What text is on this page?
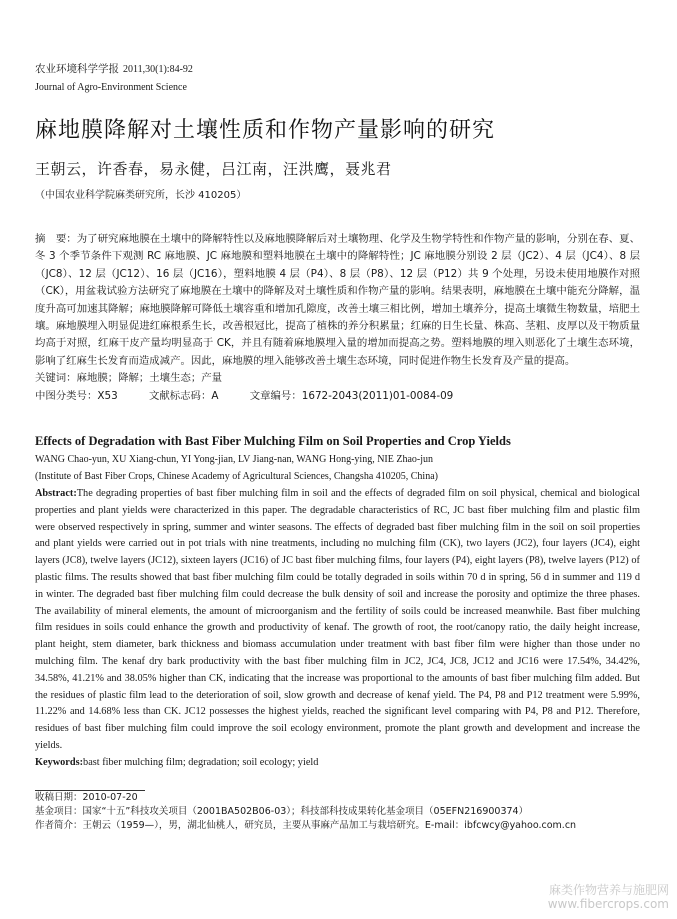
农业环境科学学报 2011,30(1):84-92
Journal of Agro-Environment Science
麻地膜降解对土壤性质和作物产量影响的研究
王朝云，许香春，易永健，吕江南，汪洪鹰，聂兆君
（中国农业科学院麻类研究所，长沙 410205）
摘　要：为了研究麻地膜在土壤中的降解特性以及麻地膜降解后对土壤物理、化学及生物学特性和作物产量的影响，分别在春、夏、冬 3 个季节条件下观测 RC 麻地膜、JC 麻地膜和塑料地膜在土壤中的降解特性；JC 麻地膜分别设 2 层（JC2）、4 层（JC4）、8 层（JC8）、12 层（JC12）、16 层（JC16），塑料地膜 4 层（P4）、8 层（P8）、12 层（P12）共 9 个处理，另设未使用地膜作对照（CK），用盆栽试验方法研究了麻地膜在土壤中的降解及对土壤性质和作物产量的影响。结果表明，麻地膜在土壤中能充分降解，温度升高可加速其降解；麻地膜降解可降低土壤容重和增加孔隙度，改善土壤三相比例，增加土壤养分，提高土壤微生物数量，培肥土壤。麻地膜埋入明显促进红麻根系生长，改善根冠比，提高了植株的养分积累量；红麻的日生长量、株高、茎粗、皮厚以及干物质量均高于对照，红麻干皮产量均明显高于 CK，并且有随着麻地膜埋入量的增加而提高之势。塑料地膜的埋入则恶化了土壤生态环境，影响了红麻生长发育而造成减产。因此，麻地膜的埋入能够改善土壤生态环境，同时促进作物生长发育及产量的提高。
关键词：麻地膜；降解；土壤生态；产量
中图分类号：X53	文献标志码：A	文章编号：1672-2043(2011)01-0084-09
Effects of Degradation with Bast Fiber Mulching Film on Soil Properties and Crop Yields
WANG Chao-yun, XU Xiang-chun, YI Yong-jian, LV Jiang-nan, WANG Hong-ying, NIE Zhao-jun
(Institute of Bast Fiber Crops, Chinese Academy of Agricultural Sciences, Changsha 410205, China)
Abstract:The degrading properties of bast fiber mulching film in soil and the effects of degraded film on soil physical, chemical and biological properties and plant yields were characterized in this paper. The degradable characteristics of RC, JC bast fiber mulching film and plastic film were observed respectively in spring, summer and winter seasons. The effects of degraded bast fiber mulching film in the soil on soil properties and plant yields were carried out in pot trials with nine treatments, including no mulching film (CK), two layers (JC2), four layers (JC4), eight layers (JC8), twelve layers (JC12), sixteen layers (JC16) of JC bast fiber mulching films, four layers (P4), eight layers (P8), twelve layers (P12) of plastic films. The results showed that bast fiber mulching film could be totally degraded in soils within 70 d in spring, 56 d in summer and 119 d in winter. The degraded bast fiber mulching film could decrease the bulk density of soil and increase the porosity and optimize the three phases. The availability of mineral elements, the amount of microorganism and the fertility of soils could be increased meanwhile. Bast fiber mulching film residues in soils could enhance the growth and productivity of kenaf. The growth of root, the root/canopy ratio, the daily height increase, plant height, stem diameter, bark thickness and biomass accumulation under treatment with bast fiber film were higher than those under no mulching film. The kenaf dry bark productivity with the bast fiber mulching film in JC2, JC4, JC8, JC12 and JC16 were 17.54%, 34.42%, 34.58%, 41.21% and 38.05% higher than CK, indicating that the increase was proportional to the amounts of bast fiber mulching film added. But the residues of plastic film lead to the deterioration of soil, slow growth and decrease of kenaf yield. The P4, P8 and P12 treatment were 5.99%, 11.22% and 14.68% less than CK. JC12 possesses the highest yields, reached the significant level comparing with P4, P8 and P12. Therefore, residues of bast fiber mulching film could improve the soil ecology environment, promote the plant growth and development and increase the yields.
Keywords:bast fiber mulching film; degradation; soil ecology; yield
收稿日期：2010-07-20
基金项目：国家“十五”科技攻关项目（2001BA502B06-03）；科技部科技成果转化基金项目（05EFN216900374）
作者简介：王朝云（1959—），男，湖北仙桃人，研究员，主要从事麻产品加工与栽培研究。E-mail：ibfcwcy@yahoo.com.cn
麻类作物营养与施肥网
www.fibercrops.com
